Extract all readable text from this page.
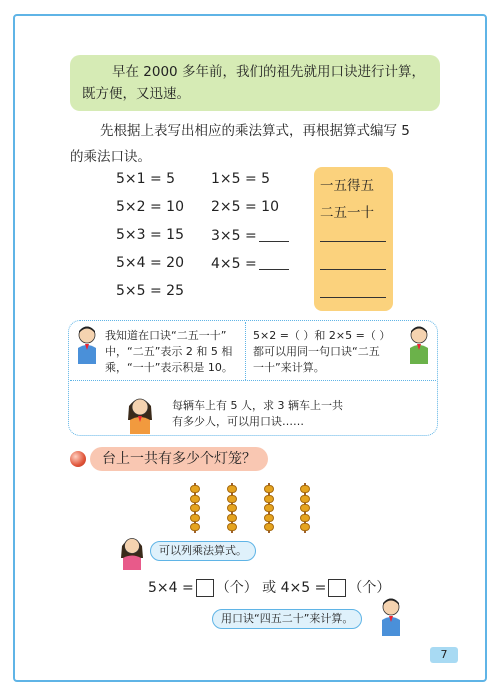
早在 2000 多年前，我们的祖先就用口诀进行计算，
既方便，又迅速。
先根据上表写出相应的乘法算式，再根据算式编写 5
的乘法口诀。
5×1 = 5
5×2 = 10
5×3 = 15
5×4 = 20
5×5 = 25
1×5 = 5
2×5 = 10
3×5 =
4×5 =
一五得五
二五一十
我知道在口诀“二五一十”
中，“二五”表示 2 和 5 相
乘，“一十”表示积是 10。
5×2 =（ ）和 2×5 =（ ）
都可以用同一句口诀“二五
一十”来计算。
每辆车上有 5 人，求 3 辆车上一共
有多少人，可以用口诀……
台上一共有多少个灯笼？
可以列乘法算式。
5×4 = （个） 或 4×5 = （个）
用口诀“四五二十”来计算。
7
